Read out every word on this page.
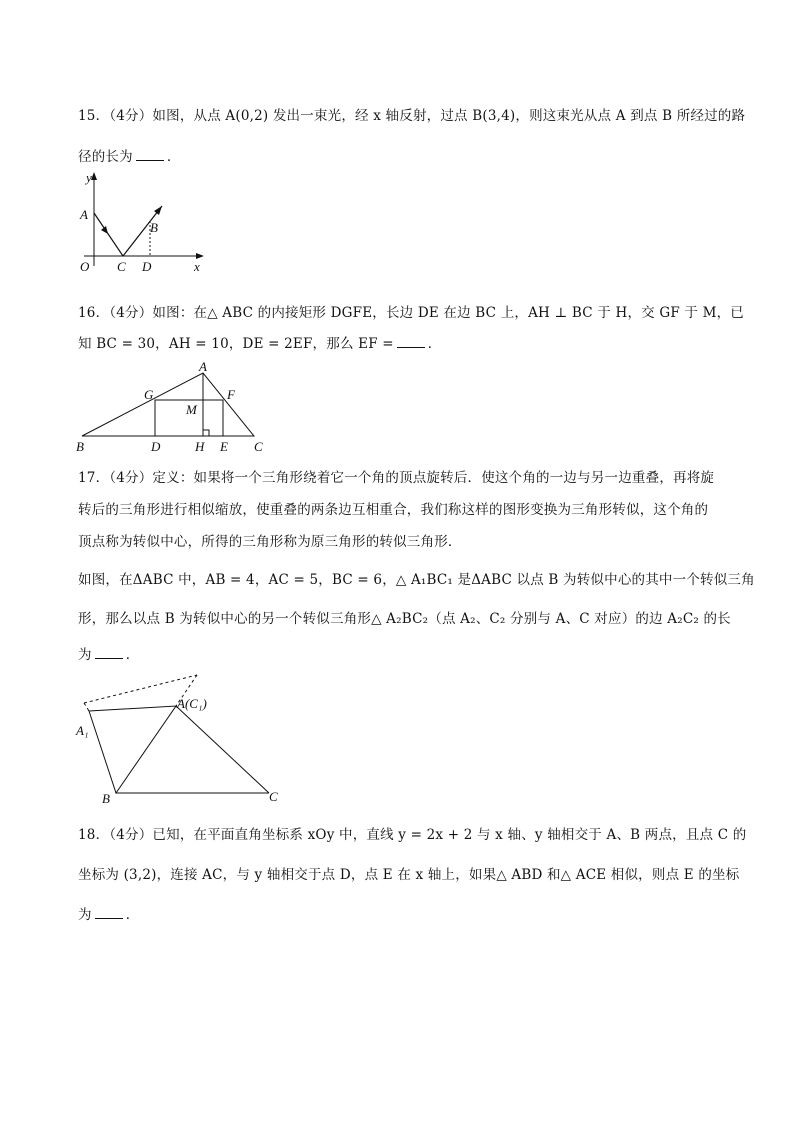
15．（4分）如图，从点 A(0,2) 发出一束光，经 x 轴反射，过点 B(3,4)，则这束光从点 A 到点 B 所经过的路
径的长为	．
y
A
B
O C D	x
16．（4分）如图：在△ ABC 的内接矩形 DGFE，长边 DE 在边 BC 上，AH ⊥ BC 于 H，交 GF 于 M，已
知 BC = 30，AH = 10，DE = 2EF，那么 EF =	．
A
G	F
M
B	D	H E C
17．（4分）定义：如果将一个三角形绕着它一个角的顶点旋转后．使这个角的一边与另一边重叠，再将旋
转后的三角形进行相似缩放，使重叠的两条边互相重合，我们称这样的图形变换为三角形转似，这个角的
顶点称为转似中心，所得的三角形称为原三角形的转似三角形．
如图，在ΔABC 中，AB = 4，AC = 5，BC = 6，△ A₁BC₁ 是ΔABC 以点 B 为转似中心的其中一个转似三角
形，那么以点 B 为转似中心的另一个转似三角形△ A₂BC₂（点 A₂、C₂ 分别与 A、C 对应）的边 A₂C₂ 的长
为	．
A(C₁)
A₁
B	C
18．（4分）已知，在平面直角坐标系 xOy 中，直线 y = 2x + 2 与 x 轴、y 轴相交于 A、B 两点，且点 C 的
坐标为 (3,2)，连接 AC，与 y 轴相交于点 D，点 E 在 x 轴上，如果△ ABD 和△ ACE 相似，则点 E 的坐标
为	．
